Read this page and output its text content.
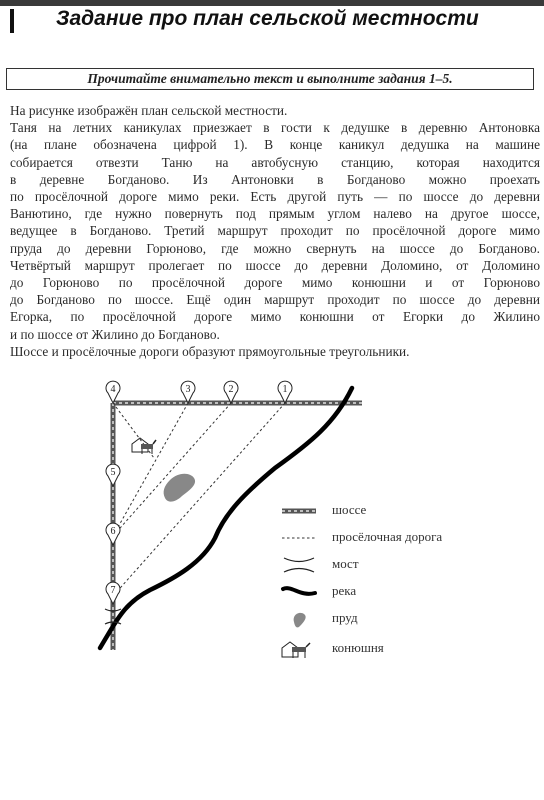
Задание про план сельской местности
Прочитайте внимательно текст и выполните задания 1–5.

На рисунке изображён план сельской местности.

Таня на летних каникулах приезжает в гости к дедушке в деревню Антоновка

(на плане обозначена цифрой 1). В конце каникул дедушка на машине

собирается отвезти Таню на автобусную станцию, которая находится

в деревне Богданово. Из Антоновки в Богданово можно проехать

по просёлочной дороге мимо реки. Есть другой путь — по шоссе до деревни

Ванютино, где нужно повернуть под прямым углом налево на другое шоссе,

ведущее в Богданово. Третий маршрут проходит по просёлочной дороге мимо

пруда до деревни Горюново, где можно свернуть на шоссе до Богданово.

Четвёртый маршрут пролегает по шоссе до деревни Доломино, от Доломино

до Горюново по просёлочной дороге мимо конюшни и от Горюново

до Богданово по шоссе. Ещё один маршрут проходит по шоссе до деревни

Егорка, по просёлочной дороге мимо конюшни от Егорки до Жилино

и по шоссе от Жилино до Богданово.

Шоссе и просёлочные дороги образуют прямоугольные треугольники.

4	3	2	1
5
6
7
шоссе
просёлочная дорога
мост
река
пруд
конюшня
